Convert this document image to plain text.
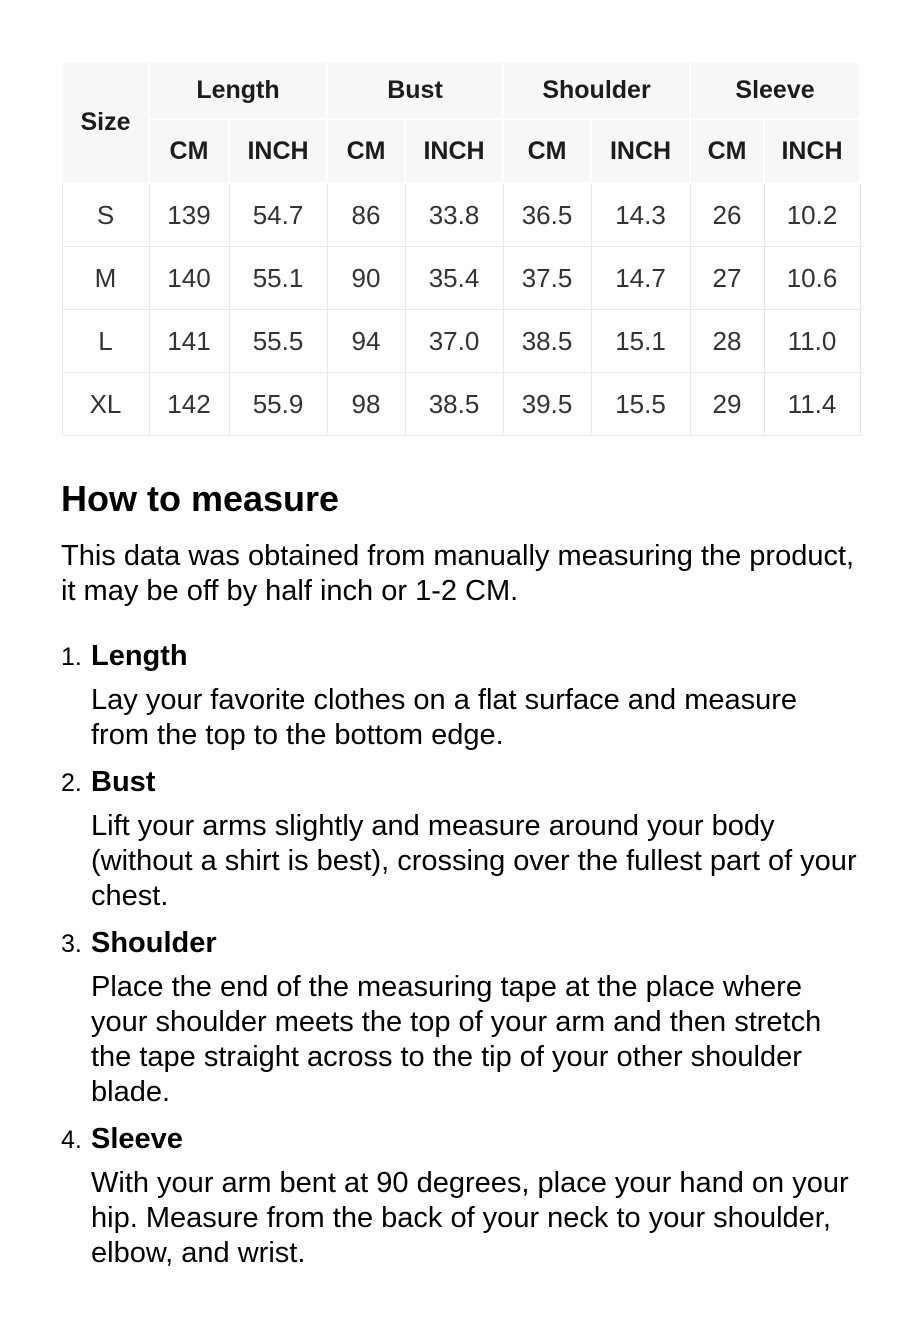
Size	Length		Bust		Shoulder		Sleeve	
	CM	INCH	CM	INCH	CM	INCH	CM	INCH
S	139	54.7	86	33.8	36.5	14.3	26	10.2
M	140	55.1	90	35.4	37.5	14.7	27	10.6
L	141	55.5	94	37.0	38.5	15.1	28	11.0
XL	142	55.9	98	38.5	39.5	15.5	29	11.4
How to measure

This data was obtained from manually measuring the product, it may be off by half inch or 1-2 CM.

1. Length
Lay your favorite clothes on a flat surface and measure from the top to the bottom edge.
2. Bust
Lift your arms slightly and measure around your body (without a shirt is best), crossing over the fullest part of your chest.
3. Shoulder
Place the end of the measuring tape at the place where your shoulder meets the top of your arm and then stretch the tape straight across to the tip of your other shoulder blade.
4. Sleeve
With your arm bent at 90 degrees, place your hand on your hip. Measure from the back of your neck to your shoulder, elbow, and wrist.
